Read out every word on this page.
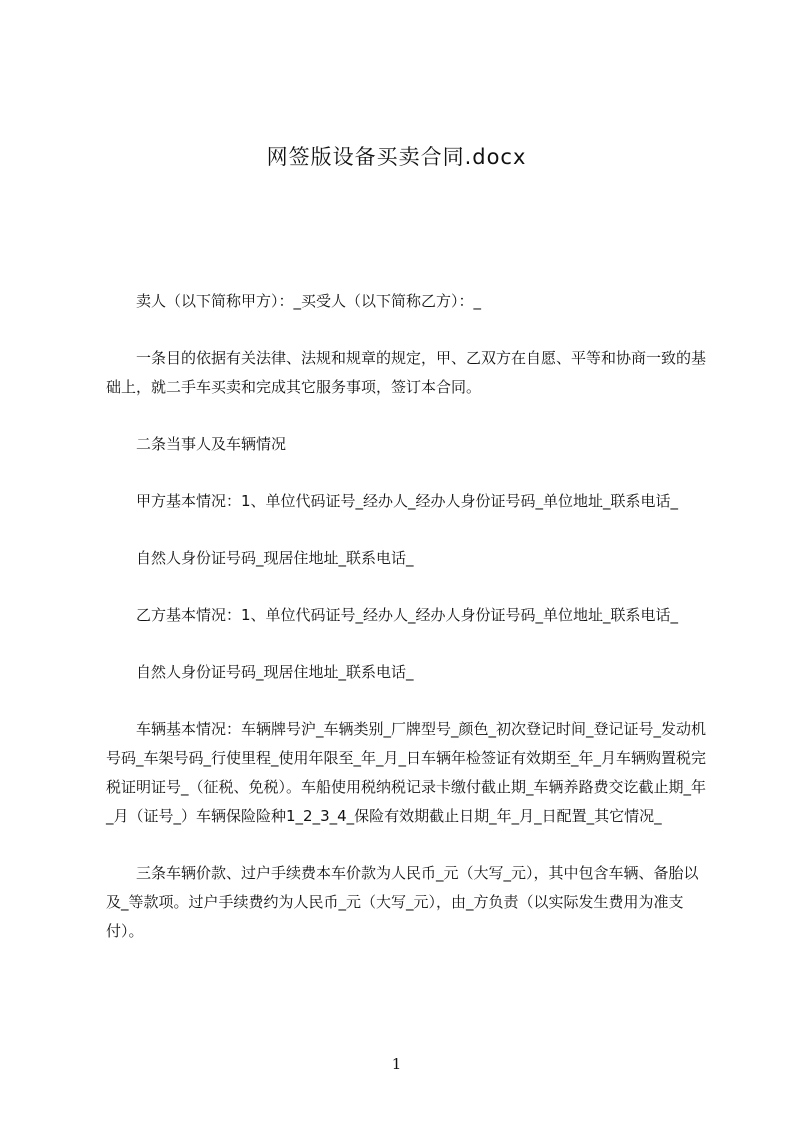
网签版设备买卖合同.docx

卖人（以下简称甲方）：_买受人（以下简称乙方）：_

一条目的依据有关法律、法规和规章的规定，甲、乙双方在自愿、平等和协商一致的基础上，就二手车买卖和完成其它服务事项，签订本合同。

二条当事人及车辆情况

甲方基本情况：1、单位代码证号_经办人_经办人身份证号码_单位地址_联系电话_

自然人身份证号码_现居住地址_联系电话_

乙方基本情况：1、单位代码证号_经办人_经办人身份证号码_单位地址_联系电话_

自然人身份证号码_现居住地址_联系电话_

车辆基本情况：车辆牌号沪_车辆类别_厂牌型号_颜色_初次登记时间_登记证号_发动机号码_车架号码_行使里程_使用年限至_年_月_日车辆年检签证有效期至_年_月车辆购置税完税证明证号_（征税、免税）。车船使用税纳税记录卡缴付截止期_车辆养路费交讫截止期_年_月（证号_）车辆保险险种1_2_3_4_保险有效期截止日期_年_月_日配置_其它情况_

三条车辆价款、过户手续费本车价款为人民币_元（大写_元），其中包含车辆、备胎以及_等款项。过户手续费约为人民币_元（大写_元），由_方负责（以实际发生费用为准支付）。

1
